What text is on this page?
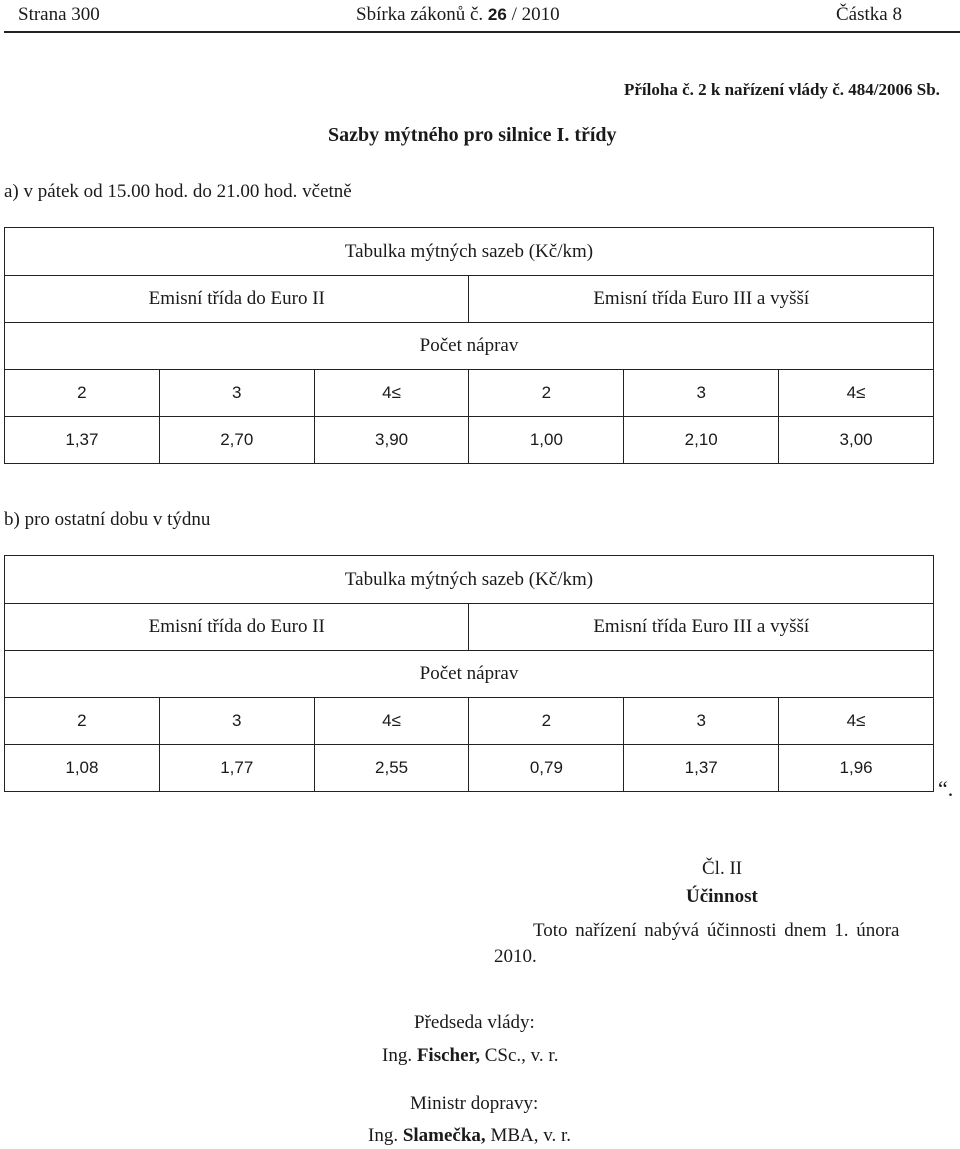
Strana 300	Sbírka zákonů č. 26 / 2010	Částka 8
Příloha č. 2 k nařízení vlády č. 484/2006 Sb.
Sazby mýtného pro silnice I. třídy
a) v pátek od 15.00 hod. do 21.00 hod. včetně
Tabulka mýtných sazeb (Kč/km)					
Emisní třída do Euro II			Emisní třída Euro III a vyšší		
Počet náprav					
2	3	4≤	2	3	4≤
1,37	2,70	3,90	1,00	2,10	3,00
b) pro ostatní dobu v týdnu
Tabulka mýtných sazeb (Kč/km)					
Emisní třída do Euro II			Emisní třída Euro III a vyšší		
Počet náprav					
2	3	4≤	2	3	4≤
1,08	1,77	2,55	0,79	1,37	1,96
“.
Čl. II
Účinnost
Toto nařízení nabývá účinnosti dnem 1. února
2010.
Předseda vlády:
Ing. Fischer, CSc., v. r.
Ministr dopravy:
Ing. Slamečka, MBA, v. r.
